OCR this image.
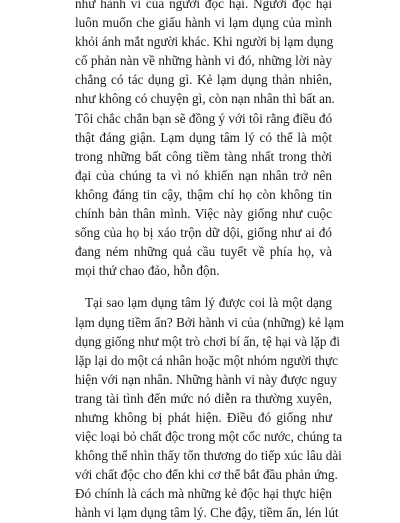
như hành vi của người độc hại. Người độc hại
luôn muốn che giấu hành vi lạm dụng của mình
khỏi ánh mắt người khác. Khi người bị lạm dụng
cố phản nàn về những hành vi đó, những lời này
chẳng có tác dụng gì. Kẻ lạm dụng thản nhiên,
như không có chuyện gì, còn nạn nhân thì bất an.
Tôi chắc chắn bạn sẽ đồng ý với tôi rằng điều đó
thật đáng giận. Lạm dụng tâm lý có thể là một
trong những bất công tiềm tàng nhất trong thời
đại của chúng ta vì nó khiến nạn nhân trở nên
không đáng tin cậy, thậm chí họ còn không tin
chính bản thân mình. Việc này giống như cuộc
sống của họ bị xáo trộn dữ dội, giống như ai đó
đang ném những quả cầu tuyết về phía họ, và
mọi thứ chao đảo, hỗn độn.
Tại sao lạm dụng tâm lý được coi là một dạng
lạm dụng tiềm ẩn? Bởi hành vi của (những) kẻ lạm
dụng giống như một trò chơi bí ẩn, tệ hại và lặp đi
lặp lại do một cá nhân hoặc một nhóm người thực
hiện với nạn nhân. Những hành vi này được nguy
trang tài tình đến mức nó diễn ra thường xuyên,
nhưng không bị phát hiện. Điều đó giống như
việc loại bỏ chất độc trong một cốc nước, chúng ta
không thể nhìn thấy tổn thương do tiếp xúc lâu dài
với chất độc cho đến khi cơ thể bắt đầu phản ứng.
Đó chính là cách mà những kẻ độc hại thực hiện
hành vi lạm dụng tâm lý. Che đậy, tiềm ẩn, lén lút
